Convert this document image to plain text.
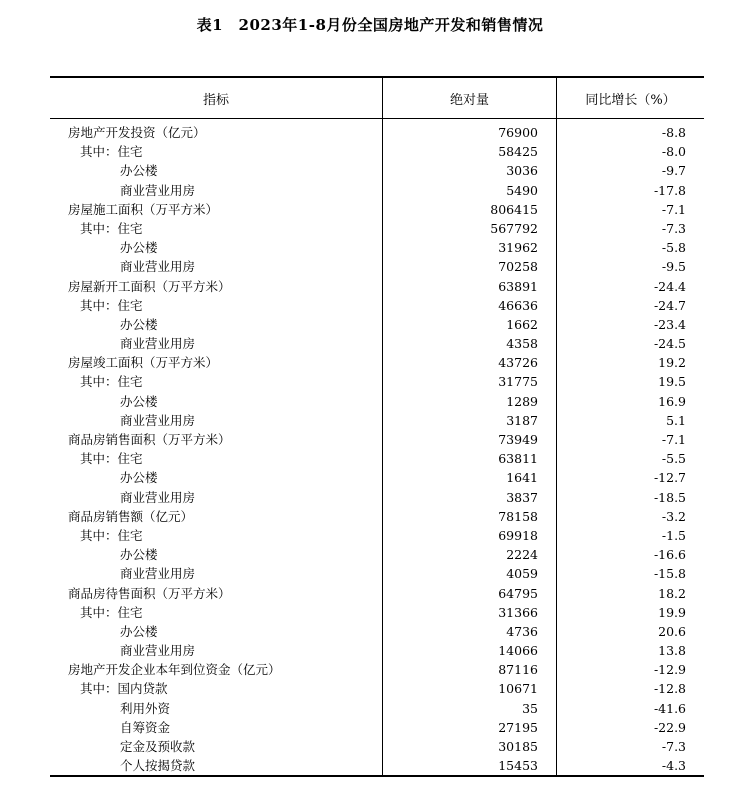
表1　2023年1-8月份全国房地产开发和销售情况
指标	绝对量	同比增长（%）
房地产开发投资（亿元）	76900	-8.8
其中：住宅	58425	-8.0
办公楼	3036	-9.7
商业营业用房	5490	-17.8
房屋施工面积（万平方米）	806415	-7.1
其中：住宅	567792	-7.3
办公楼	31962	-5.8
商业营业用房	70258	-9.5
房屋新开工面积（万平方米）	63891	-24.4
其中：住宅	46636	-24.7
办公楼	1662	-23.4
商业营业用房	4358	-24.5
房屋竣工面积（万平方米）	43726	19.2
其中：住宅	31775	19.5
办公楼	1289	16.9
商业营业用房	3187	5.1
商品房销售面积（万平方米）	73949	-7.1
其中：住宅	63811	-5.5
办公楼	1641	-12.7
商业营业用房	3837	-18.5
商品房销售额（亿元）	78158	-3.2
其中：住宅	69918	-1.5
办公楼	2224	-16.6
商业营业用房	4059	-15.8
商品房待售面积（万平方米）	64795	18.2
其中：住宅	31366	19.9
办公楼	4736	20.6
商业营业用房	14066	13.8
房地产开发企业本年到位资金（亿元）	87116	-12.9
其中：国内贷款	10671	-12.8
利用外资	35	-41.6
自筹资金	27195	-22.9
定金及预收款	30185	-7.3
个人按揭贷款	15453	-4.3
